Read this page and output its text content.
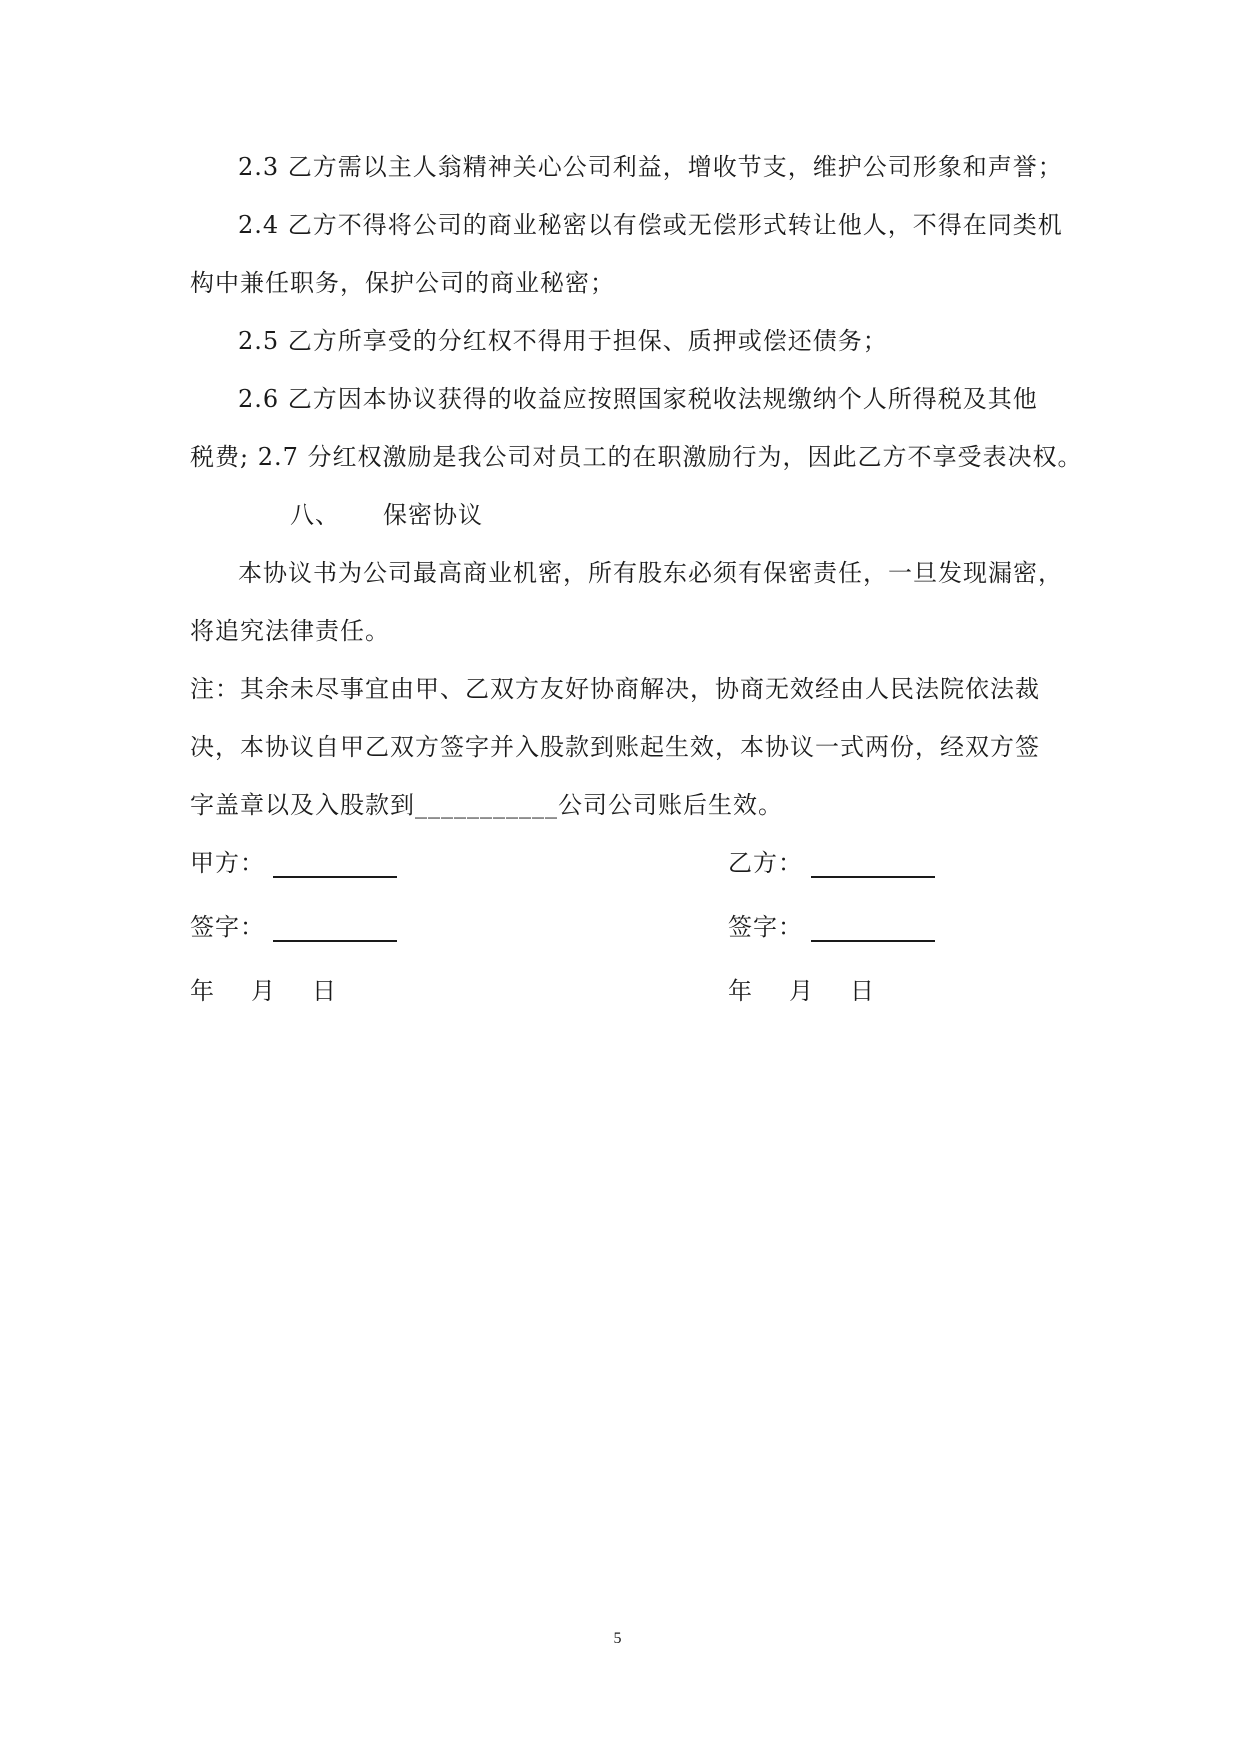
2.3 乙方需以主人翁精神关心公司利益，增收节支，维护公司形象和声誉；
2.4 乙方不得将公司的商业秘密以有偿或无偿形式转让他人，不得在同类机
构中兼任职务，保护公司的商业秘密；
2.5 乙方所享受的分红权不得用于担保、质押或偿还债务；
2.6 乙方因本协议获得的收益应按照国家税收法规缴纳个人所得税及其他
税费; 2.7 分红权激励是我公司对员工的在职激励行为，因此乙方不享受表决权。
八、 保密协议
本协议书为公司最高商业机密，所有股东必须有保密责任，一旦发现漏密，
将追究法律责任。
注：其余未尽事宜由甲、乙双方友好协商解决，协商无效经由人民法院依法裁
决，本协议自甲乙双方签字并入股款到账起生效，本协议一式两份，经双方签
字盖章以及入股款到___________公司公司账后生效。
甲方：	乙方：
签字：	签字：
年 月 日	年 月 日
5
